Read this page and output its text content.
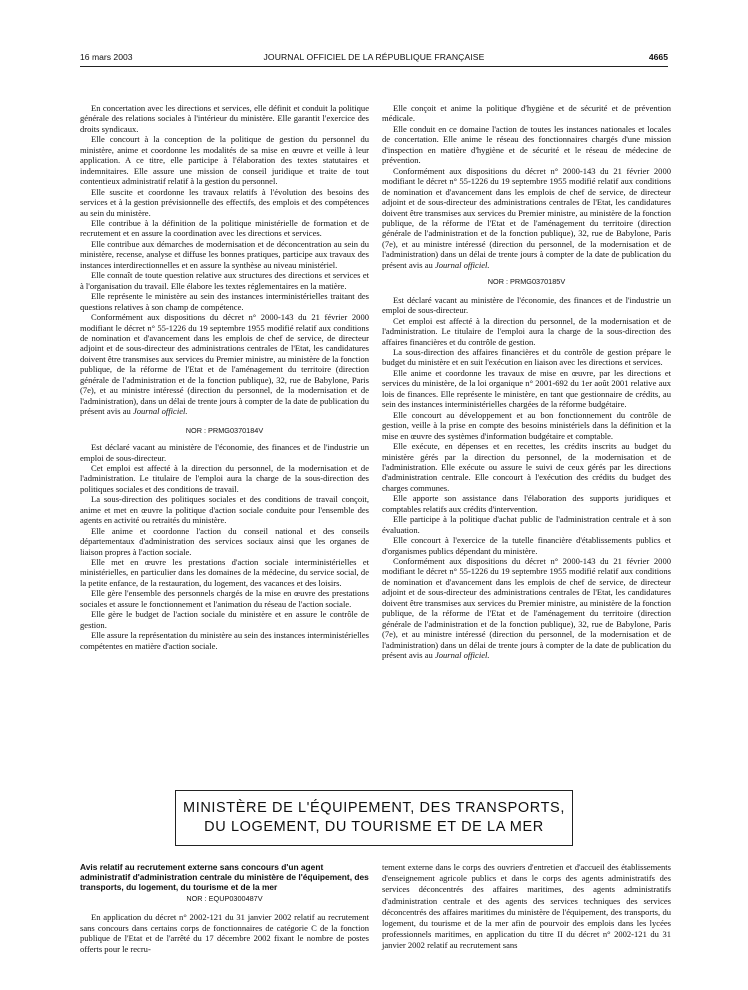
16 mars 2003	JOURNAL OFFICIEL DE LA RÉPUBLIQUE FRANÇAISE	4665

En concertation avec les directions et services, elle définit et conduit la politique générale des relations sociales à l'intérieur du ministère. Elle garantit l'exercice des droits syndicaux.

Elle concourt à la conception de la politique de gestion du personnel du ministère, anime et coordonne les modalités de sa mise en œuvre et veille à leur application. A ce titre, elle participe à l'élaboration des textes statutaires et indemnitaires. Elle assure une mission de conseil juridique et traite de tout contentieux administratif relatif à la gestion du personnel.

Elle suscite et coordonne les travaux relatifs à l'évolution des besoins des services et à la gestion prévisionnelle des effectifs, des emplois et des compétences au sein du ministère.

Elle contribue à la définition de la politique ministérielle de formation et de recrutement et en assure la coordination avec les directions et services.

Elle contribue aux démarches de modernisation et de déconcentration au sein du ministère, recense, analyse et diffuse les bonnes pratiques, participe aux travaux des instances interdirectionnelles et en assure la synthèse au niveau ministériel.

Elle connaît de toute question relative aux structures des directions et services et à l'organisation du travail. Elle élabore les textes réglementaires en la matière.

Elle représente le ministère au sein des instances interministérielles traitant des questions relatives à son champ de compétence.

Conformément aux dispositions du décret n° 2000-143 du 21 février 2000 modifiant le décret n° 55-1226 du 19 septembre 1955 modifié relatif aux conditions de nomination et d'avancement dans les emplois de chef de service, de directeur adjoint et de sous-directeur des administrations centrales de l'Etat, les candidatures doivent être transmises aux services du Premier ministre, au ministère de la fonction publique, de la réforme de l'Etat et de l'aménagement du territoire (direction générale de l'administration et de la fonction publique), 32, rue de Babylone, Paris (7e), et au ministre intéressé (direction du personnel, de la modernisation et de l'administration), dans un délai de trente jours à compter de la date de publication du présent avis au Journal officiel.

NOR : PRMG0370184V

Est déclaré vacant au ministère de l'économie, des finances et de l'industrie un emploi de sous-directeur.

Cet emploi est affecté à la direction du personnel, de la modernisation et de l'administration. Le titulaire de l'emploi aura la charge de la sous-direction des politiques sociales et des conditions de travail.

La sous-direction des politiques sociales et des conditions de travail conçoit, anime et met en œuvre la politique d'action sociale conduite pour l'ensemble des agents en activité ou retraités du ministère.

Elle anime et coordonne l'action du conseil national et des conseils départementaux d'administration des services sociaux ainsi que les organes de liaison propres à l'action sociale.

Elle met en œuvre les prestations d'action sociale interministérielles et ministérielles, en particulier dans les domaines de la médecine, du service social, de la petite enfance, de la restauration, du logement, des vacances et des loisirs.

Elle gère l'ensemble des personnels chargés de la mise en œuvre des prestations sociales et assure le fonctionnement et l'animation du réseau de l'action sociale.

Elle gère le budget de l'action sociale du ministère et en assure le contrôle de gestion.

Elle assure la représentation du ministère au sein des instances interministérielles compétentes en matière d'action sociale.

Elle conçoit et anime la politique d'hygiène et de sécurité et de prévention médicale.

Elle conduit en ce domaine l'action de toutes les instances nationales et locales de concertation. Elle anime le réseau des fonctionnaires chargés d'une mission d'inspection en matière d'hygiène et de sécurité et le réseau de médecine de prévention.

Conformément aux dispositions du décret n° 2000-143 du 21 février 2000 modifiant le décret n° 55-1226 du 19 septembre 1955 modifié relatif aux conditions de nomination et d'avancement dans les emplois de chef de service, de directeur adjoint et de sous-directeur des administrations centrales de l'Etat, les candidatures doivent être transmises aux services du Premier ministre, au ministère de la fonction publique, de la réforme de l'Etat et de l'aménagement du territoire (direction générale de l'administration et de la fonction publique), 32, rue de Babylone, Paris (7e), et au ministre intéressé (direction du personnel, de la modernisation et de l'administration) dans un délai de trente jours à compter de la date de publication du présent avis au Journal officiel.

NOR : PRMG0370185V

Est déclaré vacant au ministère de l'économie, des finances et de l'industrie un emploi de sous-directeur.

Cet emploi est affecté à la direction du personnel, de la modernisation et de l'administration. Le titulaire de l'emploi aura la charge de la sous-direction des affaires financières et du contrôle de gestion.

La sous-direction des affaires financières et du contrôle de gestion prépare le budget du ministère et en suit l'exécution en liaison avec les directions et services.

Elle anime et coordonne les travaux de mise en œuvre, par les directions et services du ministère, de la loi organique n° 2001-692 du 1er août 2001 relative aux lois de finances. Elle représente le ministère, en tant que gestionnaire de crédits, au sein des instances interministérielles chargées de la réforme budgétaire.

Elle concourt au développement et au bon fonctionnement du contrôle de gestion, veille à la prise en compte des besoins ministériels dans la définition et la mise en œuvre des systèmes d'information budgétaire et comptable.

Elle exécute, en dépenses et en recettes, les crédits inscrits au budget du ministère gérés par la direction du personnel, de la modernisation et de l'administration. Elle exécute ou assure le suivi de ceux gérés par les directions d'administration centrale. Elle concourt à l'exécution des crédits du budget des charges communes.

Elle apporte son assistance dans l'élaboration des supports juridiques et comptables relatifs aux crédits d'intervention.

Elle participe à la politique d'achat public de l'administration centrale et à son évaluation.

Elle concourt à l'exercice de la tutelle financière d'établissements publics et d'organismes publics dépendant du ministère.

Conformément aux dispositions du décret n° 2000-143 du 21 février 2000 modifiant le décret n° 55-1226 du 19 septembre 1955 modifié relatif aux conditions de nomination et d'avancement dans les emplois de chef de service, de directeur adjoint et de sous-directeur des administrations centrales de l'Etat, les candidatures doivent être transmises aux services du Premier ministre, au ministère de la fonction publique, de la réforme de l'Etat et de l'aménagement du territoire (direction générale de l'administration et de la fonction publique), 32, rue de Babylone, Paris (7e), et au ministre intéressé (direction du personnel, de la modernisation et de l'administration) dans un délai de trente jours à compter de la date de publication du présent avis au Journal officiel.

MINISTÈRE DE L'ÉQUIPEMENT, DES TRANSPORTS,
DU LOGEMENT, DU TOURISME ET DE LA MER

Avis relatif au recrutement externe sans concours d'un agent administratif d'administration centrale du ministère de l'équipement, des transports, du logement, du tourisme et de la mer

NOR : EQUP0300487V

En application du décret n° 2002-121 du 31 janvier 2002 relatif au recrutement sans concours dans certains corps de fonctionnaires de catégorie C de la fonction publique de l'Etat et de l'arrêté du 17 décembre 2002 fixant le nombre de postes offerts pour le recru-

tement externe dans le corps des ouvriers d'entretien et d'accueil des établissements d'enseignement agricole publics et dans le corps des agents administratifs des services déconcentrés des affaires maritimes, des agents administratifs d'administration centrale et des agents des services techniques des services déconcentrés des affaires maritimes du ministère de l'équipement, des transports, du logement, du tourisme et de la mer afin de pourvoir des emplois dans les lycées professionnels maritimes, en application du titre II du décret n° 2002-121 du 31 janvier 2002 relatif au recrutement sans
